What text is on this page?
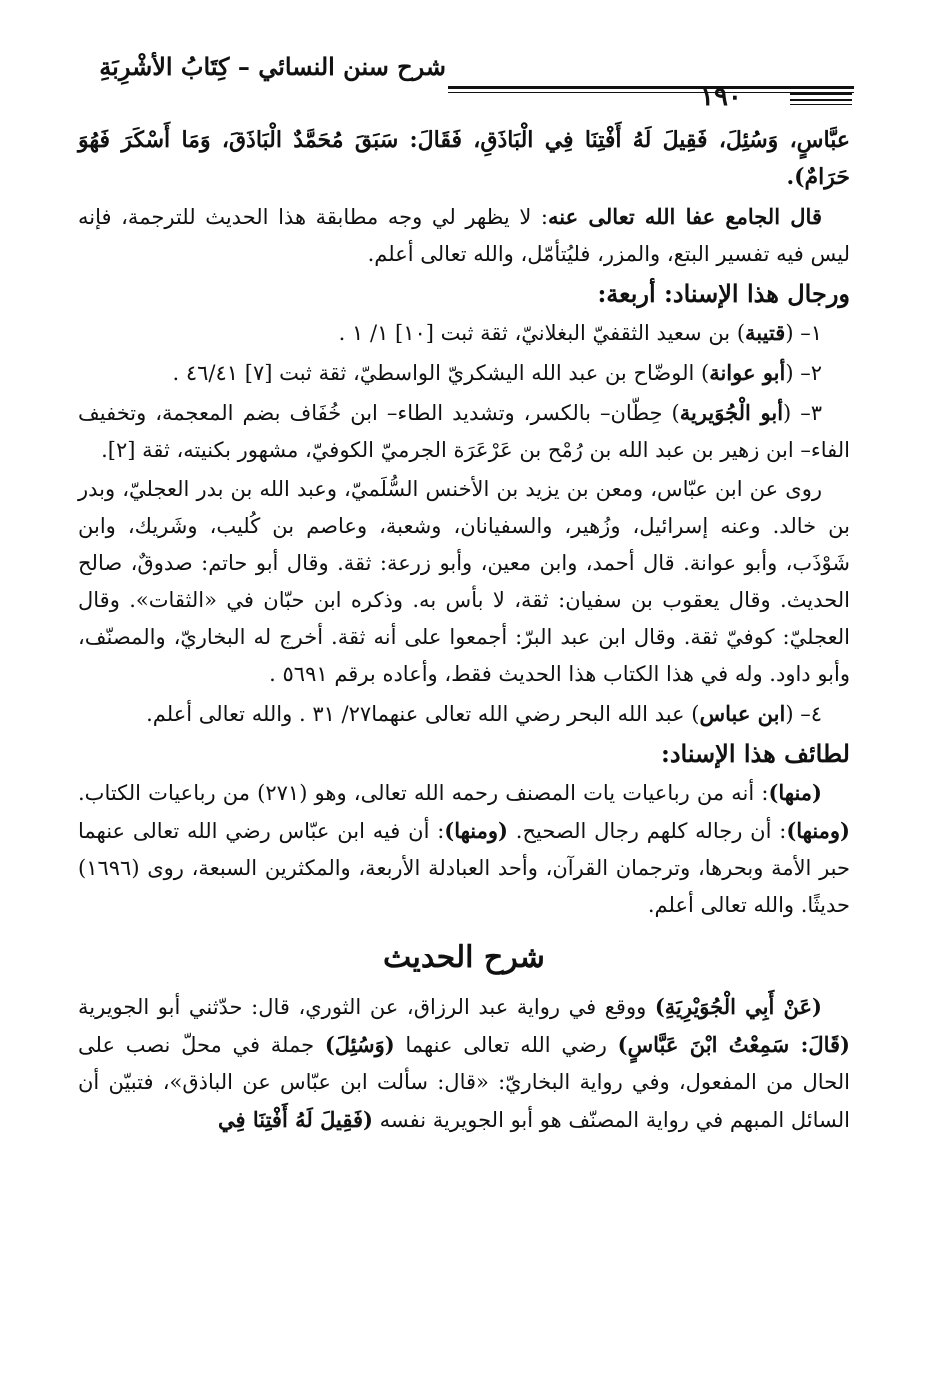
شرح سنن النسائي – كِتَابُ الأشْرِبَةِ
١٩٠

عبَّاسٍ، وَسُئِلَ، فَقِيلَ لَهُ أَفْتِنَا فِي الْبَاذَقِ، فَقَالَ: سَبَقَ مُحَمَّدٌ الْبَاذَقَ، وَمَا أَسْكَرَ فَهُوَ حَرَامٌ).

قال الجامع عفا الله تعالى عنه: لا يظهر لي وجه مطابقة هذا الحديث للترجمة، فإنه ليس فيه تفسير البتع، والمزر، فليُتأمّل، والله تعالى أعلم.

ورجال هذا الإسناد: أربعة:

١– (قتيبة) بن سعيد الثقفيّ البغلانيّ، ثقة ثبت [١٠] ١/ ١ .

٢– (أبو عوانة) الوضّاح بن عبد الله اليشكريّ الواسطيّ، ثقة ثبت [٧] ٤٦/٤١ .

٣– (أبو الْجُوَيرية) حِطّان– بالكسر، وتشديد الطاء– ابن خُفَاف بضم المعجمة، وتخفيف الفاء– ابن زهير بن عبد الله بن رُمْح بن عَرْعَرَة الجرميّ الكوفيّ، مشهور بكنيته، ثقة [٢].

روى عن ابن عبّاس، ومعن بن يزيد بن الأخنس السُّلَميّ، وعبد الله بن بدر العجليّ، وبدر بن خالد. وعنه إسرائيل، وزُهير، والسفيانان، وشعبة، وعاصم بن كُليب، وشَريك، وابن شَوْذَب، وأبو عوانة. قال أحمد، وابن معين، وأبو زرعة: ثقة. وقال أبو حاتم: صدوقٌ، صالح الحديث. وقال يعقوب بن سفيان: ثقة، لا بأس به. وذكره ابن حبّان في «الثقات». وقال العجليّ: كوفيّ ثقة. وقال ابن عبد البرّ: أجمعوا على أنه ثقة. أخرج له البخاريّ، والمصنّف، وأبو داود. وله في هذا الكتاب هذا الحديث فقط، وأعاده برقم ٥٦٩١ .

٤– (ابن عباس) عبد الله البحر رضي الله تعالى عنهما٢٧/ ٣١ . والله تعالى أعلم.

لطائف هذا الإسناد:

(منها): أنه من رباعيات يات المصنف رحمه الله تعالى، وهو (٢٧١) من رباعيات الكتاب. (ومنها): أن رجاله كلهم رجال الصحيح. (ومنها): أن فيه ابن عبّاس رضي الله تعالى عنهما حبر الأمة وبحرها، وترجمان القرآن، وأحد العبادلة الأربعة، والمكثرين السبعة، روى (١٦٩٦) حديثًا. والله تعالى أعلم.

شرح الحديث

(عَنْ أَبِي الْجُوَيْرِيَةِ) ووقع في رواية عبد الرزاق، عن الثوري، قال: حدّثني أبو الجويرية (قَالَ: سَمِعْتُ ابْنَ عَبَّاسٍ) رضي الله تعالى عنهما (وَسُئِلَ) جملة في محلّ نصب على الحال من المفعول، وفي رواية البخاريّ: «قال: سألت ابن عبّاس عن الباذق»، فتبيّن أن السائل المبهم في رواية المصنّف هو أبو الجويرية نفسه (فَقِيلَ لَهُ أَفْتِنَا فِي
